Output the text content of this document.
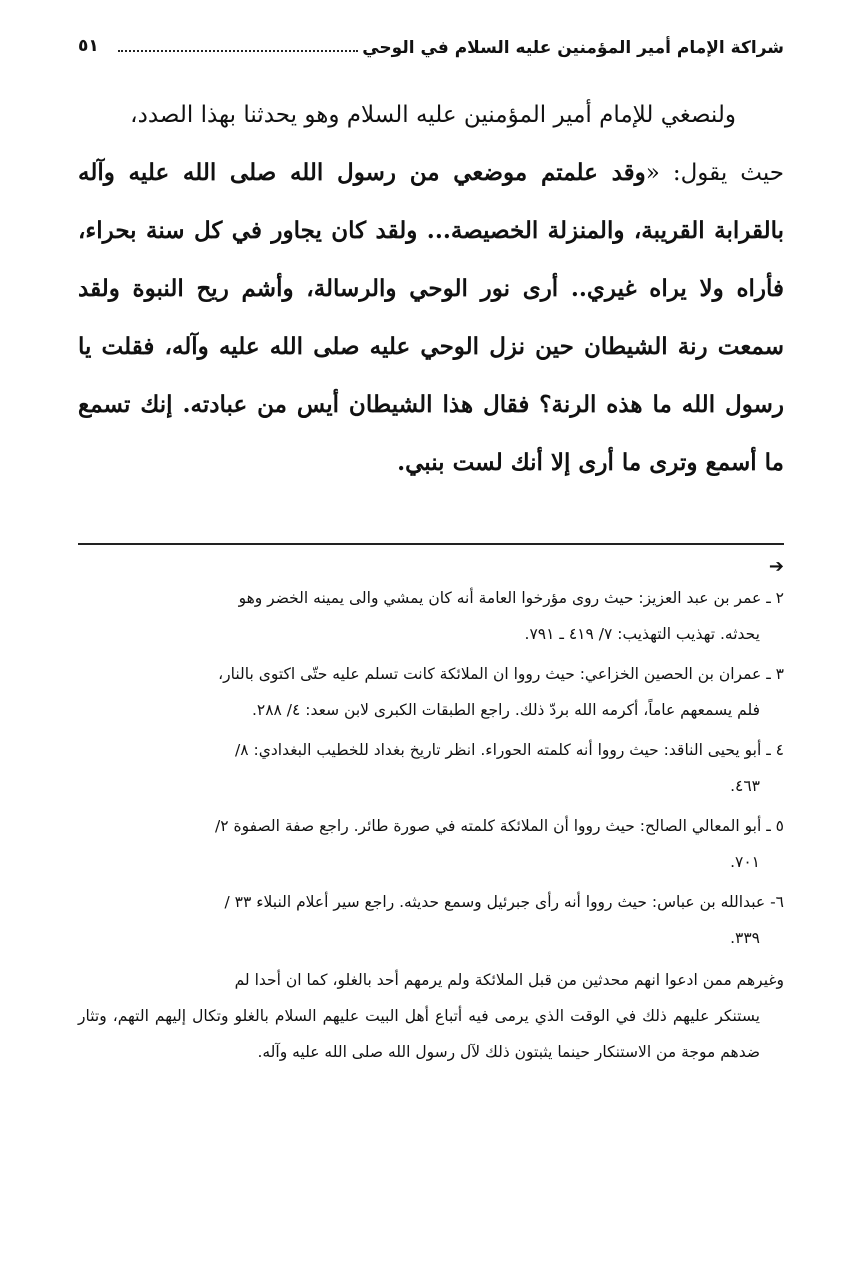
شراكة الإمام أمير المؤمنين عليه السلام في الوحي
٥١
ولنصغي للإمام أمير المؤمنين عليه السلام وهو يحدثنا بهذا الصدد،
حيث يقول: «وقد علمتم موضعي من رسول الله صلى الله عليه وآله بالقرابة القريبة، والمنزلة الخصيصة... ولقد كان يجاور في كل سنة بحراء، فأراه ولا يراه غيري.. أرى نور الوحي والرسالة، وأشم ريح النبوة ولقد سمعت رنة الشيطان حين نزل الوحي عليه صلى الله عليه وآله، فقلت يا رسول الله ما هذه الرنة؟ فقال هذا الشيطان أيس من عبادته. إنك تسمع ما أسمع وترى ما أرى إلا أنك لست بنبي.
➔
٢ ـ عمر بن عبد العزيز: حيث روى مؤرخوا العامة أنه كان يمشي والى يمينه الخضر وهو
يحدثه. تهذيب التهذيب: ٧/ ٤١٩ ـ ٧٩١.
٣ ـ عمران بن الحصين الخزاعي: حيث رووا ان الملائكة كانت تسلم عليه حتّى اكتوى بالنار،
فلم يسمعهم عاماً، أكرمه الله بردّ ذلك. راجع الطبقات الكبرى لابن سعد: ٤/ ٢٨٨.
٤ ـ أبو يحيى الناقد: حيث رووا أنه كلمته الحوراء. انظر تاريخ بغداد للخطيب البغدادي: ٨/
٤٦٣.
٥ ـ أبو المعالي الصالح: حيث رووا أن الملائكة كلمته في صورة طائر. راجع صفة الصفوة ٢/
٧٠١.
٦- عبدالله بن عباس: حيث رووا أنه رأى جبرئيل وسمع حديثه. راجع سير أعلام النبلاء ٣٣ /
٣٣٩.
وغيرهم ممن ادعوا انهم محدثين من قبل الملائكة ولم يرمهم أحد بالغلو، كما ان أحدا لم
يستنكر عليهم ذلك في الوقت الذي يرمى فيه أتباع أهل البيت عليهم السلام بالغلو وتكال إليهم التهم، وتثار ضدهم موجة من الاستنكار حينما يثبتون ذلك لآل رسول الله صلى الله عليه وآله.
